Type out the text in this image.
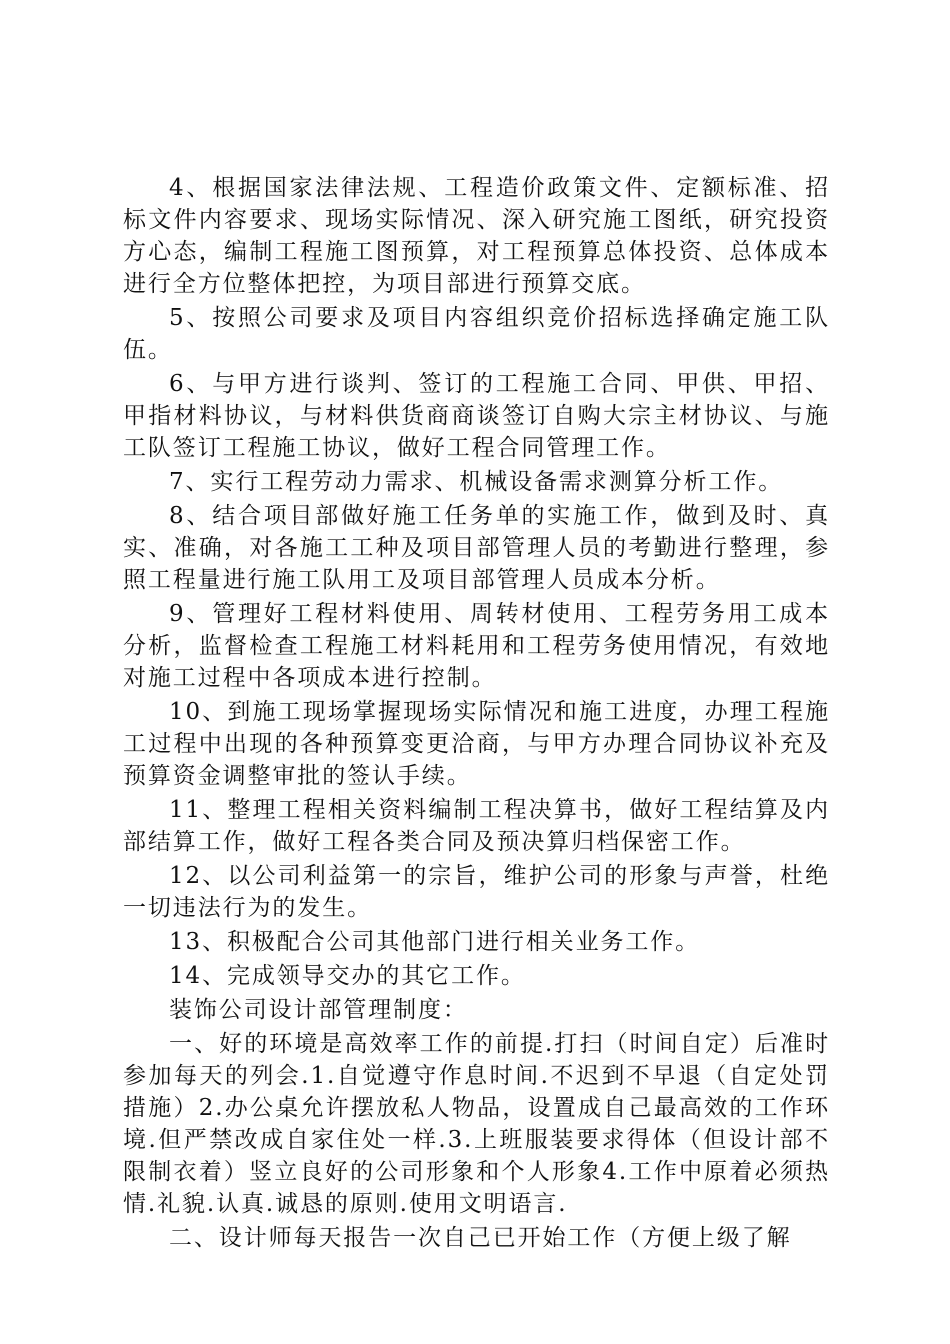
4、根据国家法律法规、工程造价政策文件、定额标准、招标文件内容要求、现场实际情况、深入研究施工图纸，研究投资方心态，编制工程施工图预算，对工程预算总体投资、总体成本进行全方位整体把控，为项目部进行预算交底。

5、按照公司要求及项目内容组织竞价招标选择确定施工队伍。

6、与甲方进行谈判、签订的工程施工合同、甲供、甲招、甲指材料协议，与材料供货商商谈签订自购大宗主材协议、与施工队签订工程施工协议，做好工程合同管理工作。

7、实行工程劳动力需求、机械设备需求测算分析工作。

8、结合项目部做好施工任务单的实施工作，做到及时、真实、准确，对各施工工种及项目部管理人员的考勤进行整理，参照工程量进行施工队用工及项目部管理人员成本分析。

9、管理好工程材料使用、周转材使用、工程劳务用工成本分析，监督检查工程施工材料耗用和工程劳务使用情况，有效地对施工过程中各项成本进行控制。

10、到施工现场掌握现场实际情况和施工进度，办理工程施工过程中出现的各种预算变更洽商，与甲方办理合同协议补充及预算资金调整审批的签认手续。

11、整理工程相关资料编制工程决算书，做好工程结算及内部结算工作，做好工程各类合同及预决算归档保密工作。

12、以公司利益第一的宗旨，维护公司的形象与声誉，杜绝一切违法行为的发生。

13、积极配合公司其他部门进行相关业务工作。

14、完成领导交办的其它工作。

装饰公司设计部管理制度：

一、好的环境是高效率工作的前提.打扫（时间自定）后准时参加每天的列会.1.自觉遵守作息时间.不迟到不早退（自定处罚措施）2.办公桌允许摆放私人物品，设置成自己最高效的工作环境.但严禁改成自家住处一样.3.上班服装要求得体（但设计部不限制衣着）竖立良好的公司形象和个人形象4.工作中原着必须热情.礼貌.认真.诚恳的原则.使用文明语言.

二、设计师每天报告一次自己已开始工作（方便上级了解
